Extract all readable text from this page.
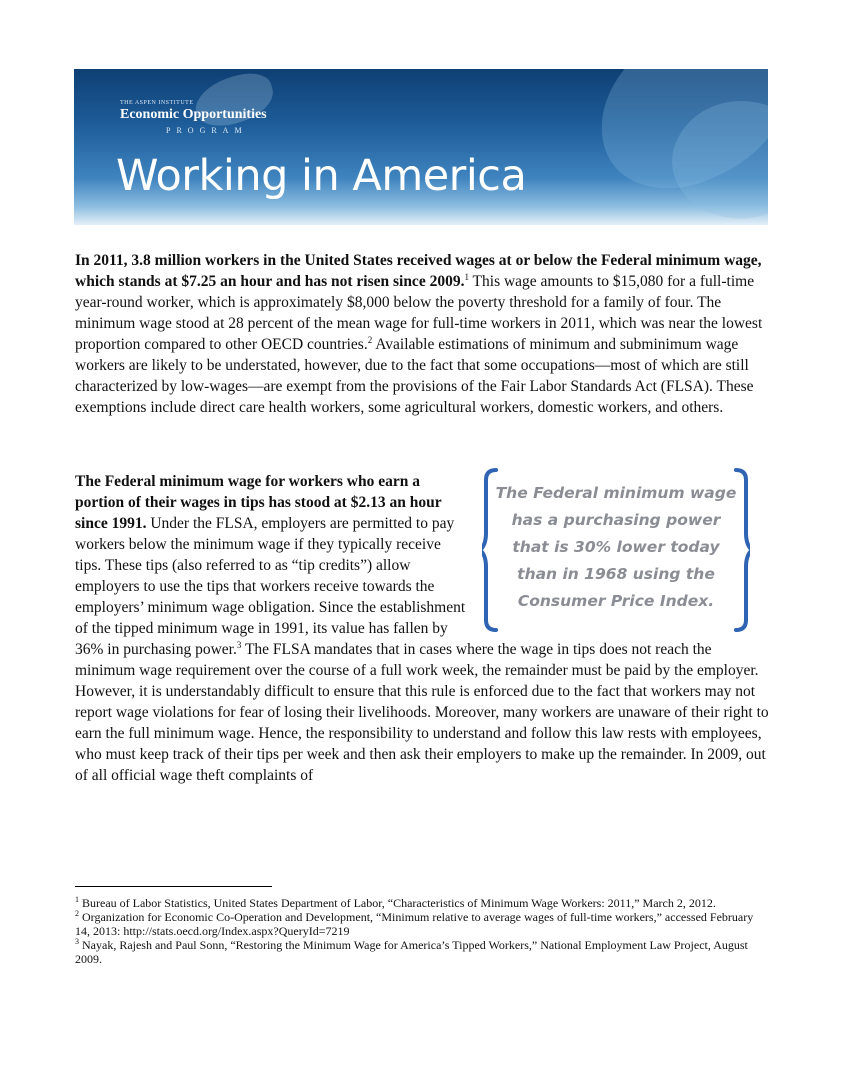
THE ASPEN INSTITUTE
Economic Opportunities
PROGRAM
Working in America

In 2011, 3.8 million workers in the United States received wages at or below the Federal minimum wage, which stands at $7.25 an hour and has not risen since 2009.$^1$ This wage amounts to $15,080 for a full-time year-round worker, which is approximately $8,000 below the poverty threshold for a family of four. The minimum wage stood at 28 percent of the mean wage for full-time workers in 2011, which was near the lowest proportion compared to other OECD countries.$^2$ Available estimations of minimum and subminimum wage workers are likely to be understated, however, due to the fact that some occupations—most of which are still characterized by low-wages—are exempt from the provisions of the Fair Labor Standards Act (FLSA). These exemptions include direct care health workers, some agricultural workers, domestic workers, and others.

The Federal minimum wage for workers who earn a portion of their wages in tips has stood at $2.13 an hour since 1991. Under the FLSA, employers are permitted to pay workers below the minimum wage if they typically receive tips. These tips (also referred to as “tip credits”) allow employers to use the tips that workers receive towards the employers’ minimum wage obligation. Since the establishment of the tipped minimum wage in 1991, its value has fallen by 36% in purchasing power.$^3$ The FLSA mandates that in cases where the wage in tips does not reach the minimum wage requirement over the course of a full work week, the remainder must be paid by the employer. However, it is understandably difficult to ensure that this rule is enforced due to the fact that workers may not report wage violations for fear of losing their livelihoods. Moreover, many workers are unaware of their right to earn the full minimum wage. Hence, the responsibility to understand and follow this law rests with employees, who must keep track of their tips per week and then ask their employers to make up the remainder. In 2009, out of all official wage theft complaints of
The Federal minimum wage has a purchasing power that is 30% lower today than in 1968 using the Consumer Price Index.

$^1$ Bureau of Labor Statistics, United States Department of Labor, “Characteristics of Minimum Wage Workers: 2011,” March 2, 2012.

$^2$ Organization for Economic Co-Operation and Development, “Minimum relative to average wages of full-time workers,” accessed February 14, 2013: http://stats.oecd.org/Index.aspx?QueryId=7219

$^3$ Nayak, Rajesh and Paul Sonn, “Restoring the Minimum Wage for America’s Tipped Workers,” National Employment Law Project, August 2009.
